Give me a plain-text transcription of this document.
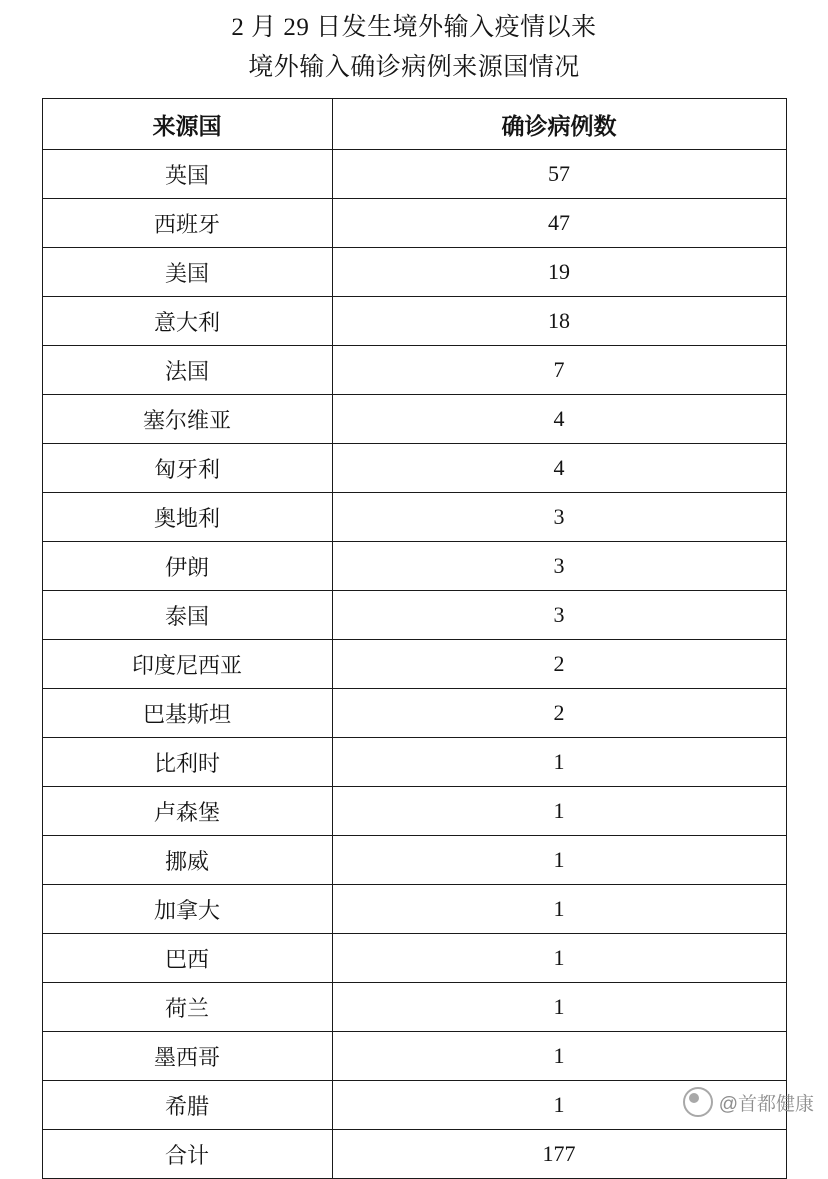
2 月 29 日发生境外输入疫情以来
境外输入确诊病例来源国情况
来源国	确诊病例数
英国	57
西班牙	47
美国	19
意大利	18
法国	7
塞尔维亚	4
匈牙利	4
奥地利	3
伊朗	3
泰国	3
印度尼西亚	2
巴基斯坦	2
比利时	1
卢森堡	1
挪威	1
加拿大	1
巴西	1
荷兰	1
墨西哥	1
希腊	1
合计	177
@首都健康
